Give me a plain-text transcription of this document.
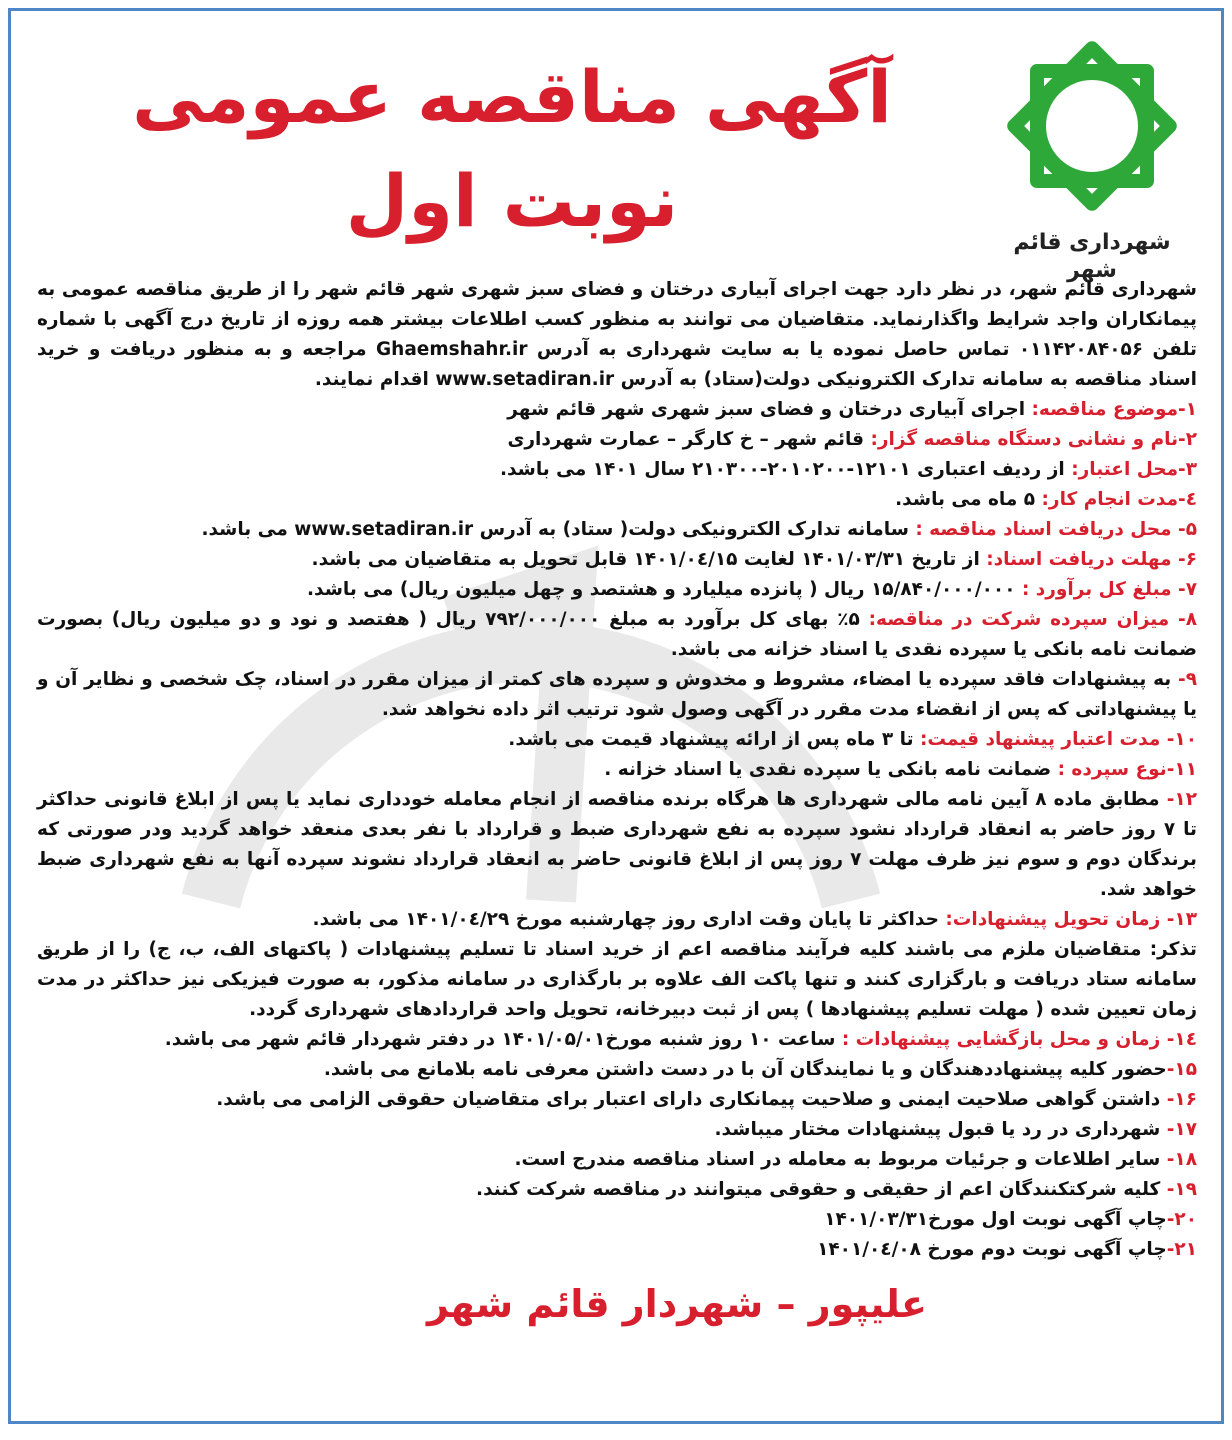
آگهی مناقصه عمومی
نوبت اول	شهرداری قائم شهر

شهرداری قائم شهر، در نظر دارد جهت اجرای آبیاری درختان و فضای سبز شهری شهر قائم شهر را از طریق مناقصه عمومی به پیمانکاران واجد شرایط واگذارنماید. متقاضیان می توانند به منظور کسب اطلاعات بیشتر همه روزه از تاریخ درج آگهی با شماره تلفن ۰۱۱۴۲۰۸۴۰۵۶ تماس حاصل نموده یا به سایت شهرداری به آدرس Ghaemshahr.ir مراجعه و به منظور دریافت و خرید اسناد مناقصه به سامانه تدارک الکترونیکی دولت(ستاد) به آدرس www.setadiran.ir اقدام نمایند.

۱-موضوع مناقصه: اجرای آبیاری درختان و فضای سبز شهری شهر قائم شهر

۲-نام و نشانی دستگاه مناقصه گزار: قائم شهر – خ کارگر – عمارت شهرداری

۳-محل اعتبار: از ردیف اعتباری ۱۲۱۰۱-۲۰۱۰۲۰۰-۲۱۰۳۰۰ سال ۱۴۰۱ می باشد.

٤-مدت انجام کار: ۵ ماه می باشد.

۵- محل دریافت اسناد مناقصه : سامانه تدارک الکترونیکی دولت( ستاد) به آدرس www.setadiran.ir می باشد.

۶- مهلت دریافت اسناد: از تاریخ ۱۴۰۱/۰۳/۳۱ لغایت ۱۴۰۱/۰٤/۱۵ قابل تحویل به متقاضیان می باشد.

۷- مبلغ کل برآورد : ۱۵/۸۴۰/۰۰۰/۰۰۰ ریال ( پانزده میلیارد و هشتصد و چهل میلیون ریال) می باشد.

۸- میزان سپرده شرکت در مناقصه: ۵٪ بهای کل برآورد به مبلغ ۷۹۲/۰۰۰/۰۰۰ ریال ( هفتصد و نود و دو میلیون ریال) بصورت ضمانت نامه بانکی یا سپرده نقدی یا اسناد خزانه می باشد.

۹- به پیشنهادات فاقد سپرده یا امضاء، مشروط و مخدوش و سپرده های کمتر از میزان مقرر در اسناد، چک شخصی و نظایر آن و یا پیشنهاداتی که پس از انقضاء مدت مقرر در آگهی وصول شود ترتیب اثر داده نخواهد شد.

۱۰- مدت اعتبار پیشنهاد قیمت: تا ۳ ماه پس از ارائه پیشنهاد قیمت می باشد.

۱۱-نوع سپرده : ضمانت نامه بانکی یا سپرده نقدی یا اسناد خزانه .

۱۲- مطابق ماده ۸ آیین نامه مالی شهرداری ها هرگاه برنده مناقصه از انجام معامله خودداری نماید یا پس از ابلاغ قانونی حداکثر تا ۷ روز حاضر به انعقاد قرارداد نشود سپرده به نفع شهرداری ضبط و قرارداد با نفر بعدی منعقد خواهد گردید ودر صورتی که برندگان دوم و سوم نیز ظرف مهلت ۷ روز پس از ابلاغ قانونی حاضر به انعقاد قرارداد نشوند سپرده آنها به نفع شهرداری ضبط خواهد شد.

۱۳- زمان تحویل پیشنهادات: حداکثر تا پایان وقت اداری روز چهارشنبه مورخ ۱۴۰۱/۰٤/۲۹ می باشد.

تذکر: متقاضیان ملزم می باشند کلیه فرآیند مناقصه اعم از خرید اسناد تا تسلیم پیشنهادات ( پاکتهای الف، ب، ج) را از طریق سامانه ستاد دریافت و بارگزاری کنند و تنها پاکت الف علاوه بر بارگذاری در سامانه مذکور، به صورت فیزیکی نیز حداکثر در مدت زمان تعیین شده ( مهلت تسلیم پیشنهادها ) پس از ثبت دبیرخانه، تحویل واحد قراردادهای شهرداری گردد.

۱٤- زمان و محل بازگشایی پیشنهادات : ساعت ۱۰ روز شنبه مورخ۱۴۰۱/۰۵/۰۱ در دفتر شهردار قائم شهر می باشد.

۱۵-حضور کلیه پیشنهاددهندگان و یا نمایندگان آن با در دست داشتن معرفی نامه بلامانع می باشد.

۱۶- داشتن گواهی صلاحیت ایمنی و صلاحیت پیمانکاری دارای اعتبار برای متقاضیان حقوقی الزامی می باشد.

۱۷- شهرداری در رد یا قبول پیشنهادات مختار میباشد.

۱۸- سایر اطلاعات و جرئیات مربوط به معامله در اسناد مناقصه مندرج است.

۱۹- کلیه شرکتکنندگان اعم از حقیقی و حقوقی میتوانند در مناقصه شرکت کنند.

۲۰-چاپ آگهی نوبت اول مورخ۱۴۰۱/۰۳/۳۱

۲۱-چاپ آگهی نوبت دوم مورخ ۱۴۰۱/۰٤/۰۸

علیپور – شهردار قائم شهر
